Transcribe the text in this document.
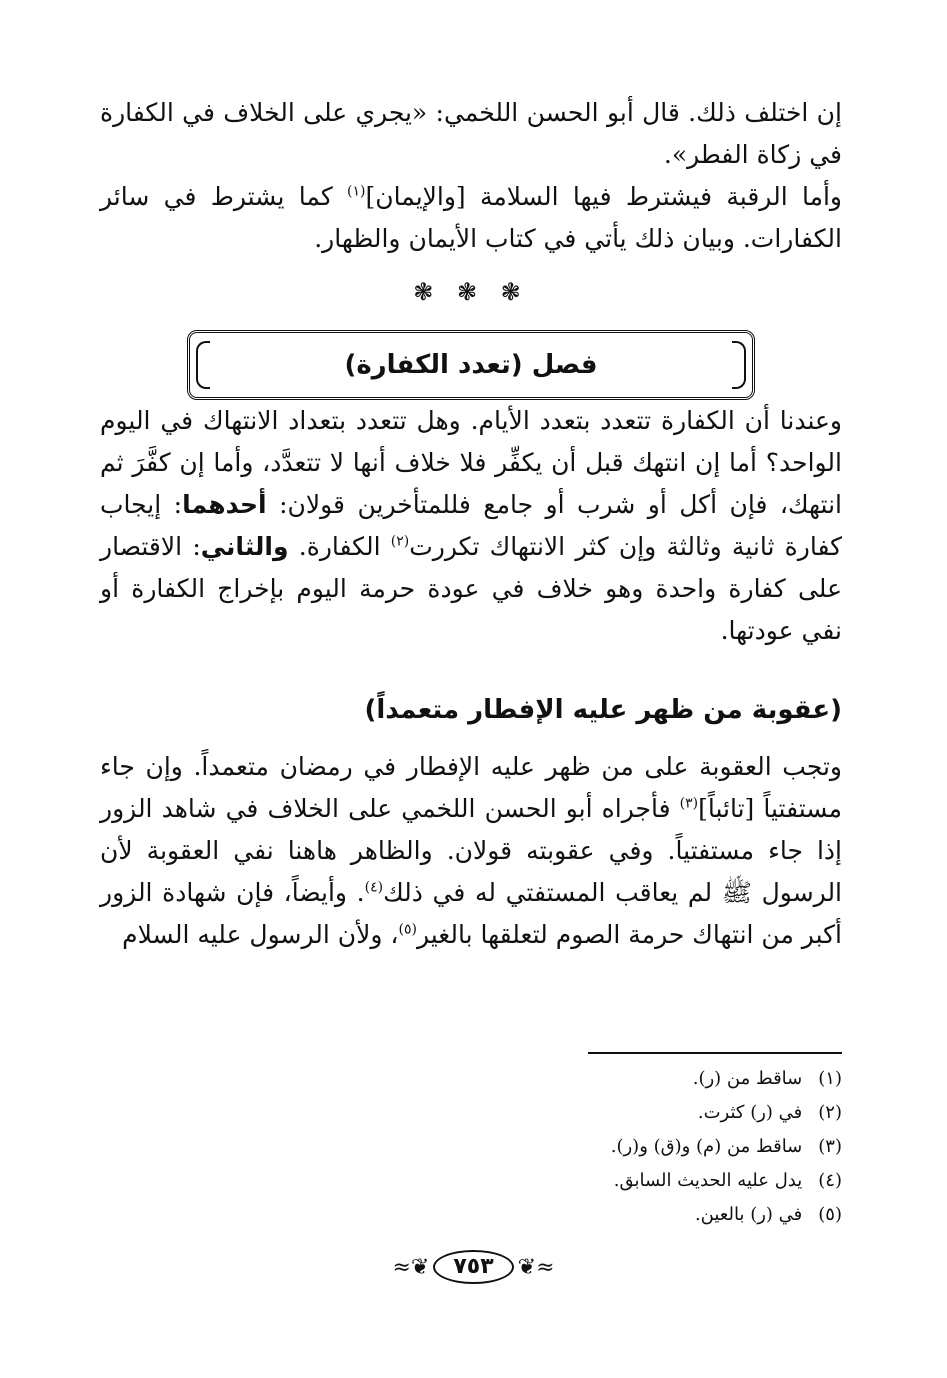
إن اختلف ذلك. قال أبو الحسن اللخمي: «يجري على الخلاف في الكفارة في زكاة الفطر».

وأما الرقبة فيشترط فيها السلامة [والإيمان]$^{(١)}$ كما يشترط في سائر الكفارات. وبيان ذلك يأتي في كتاب الأيمان والظهار.

❃ ❃ ❃
فصل (تعدد الكفارة)

وعندنا أن الكفارة تتعدد بتعدد الأيام. وهل تتعدد بتعداد الانتهاك في اليوم الواحد؟ أما إن انتهك قبل أن يكفِّر فلا خلاف أنها لا تتعدَّد، وأما إن كفَّرَ ثم انتهك، فإن أكل أو شرب أو جامع فللمتأخرين قولان: أحدهما: إيجاب كفارة ثانية وثالثة وإن كثر الانتهاك تكررت$^{(٢)}$ الكفارة. والثاني: الاقتصار على كفارة واحدة وهو خلاف في عودة حرمة اليوم بإخراج الكفارة أو نفي عودتها.

(عقوبة من ظهر عليه الإفطار متعمداً)

وتجب العقوبة على من ظهر عليه الإفطار في رمضان متعمداً. وإن جاء مستفتياً [تائباً]$^{(٣)}$ فأجراه أبو الحسن اللخمي على الخلاف في شاهد الزور إذا جاء مستفتياً. وفي عقوبته قولان. والظاهر هاهنا نفي العقوبة لأن الرسول ﷺ لم يعاقب المستفتي له في ذلك$^{(٤)}$. وأيضاً، فإن شهادة الزور أكبر من انتهاك حرمة الصوم لتعلقها بالغير$^{(٥)}$، ولأن الرسول عليه السلام

(١) ساقط من (ر).
(٢) في (ر) كثرت.
(٣) ساقط من (م) و(ق) و(ر).
(٤) يدل عليه الحديث السابق.
(٥) في (ر) بالعين.
≈❦	٧٥٣	❦≈
